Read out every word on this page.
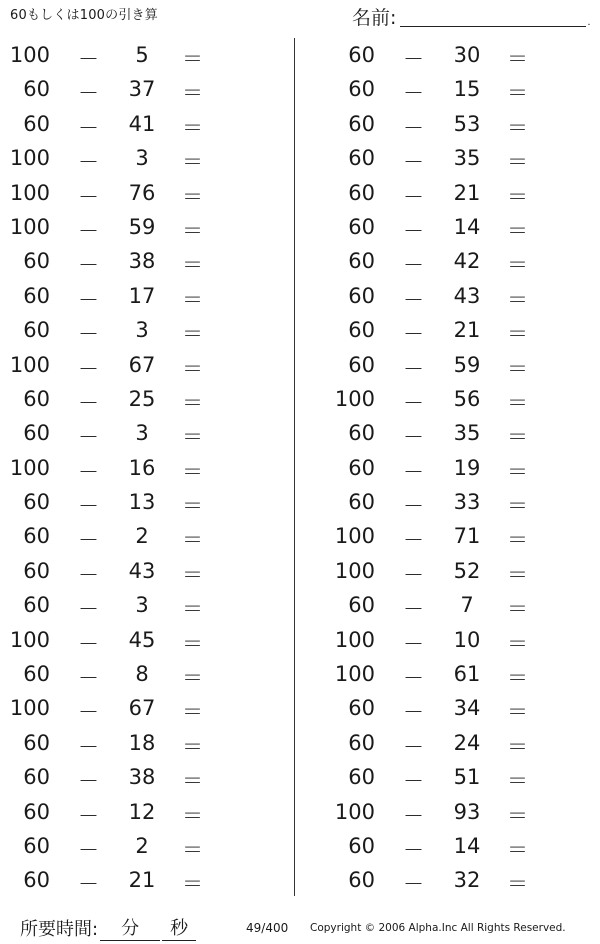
60もしくは100の引き算	名前:	.
100 －	5	＝
60 －	37	＝
60 －	41	＝
100 －	3	＝
100 －	76	＝
100 －	59	＝
60 －	38	＝
60 －	17	＝
60 －	3	＝
100 －	67	＝
60 －	25	＝
60 －	3	＝
100 －	16	＝
60 －	13	＝
60 －	2	＝
60 －	43	＝
60 －	3	＝
100 －	45	＝
60 －	8	＝
100 －	67	＝
60 －	18	＝
60 －	38	＝
60 －	12	＝
60 －	2	＝
60 －	21	＝
60 －	30	＝
60 －	15	＝
60 －	53	＝
60 －	35	＝
60 －	21	＝
60 －	14	＝
60 －	42	＝
60 －	43	＝
60 －	21	＝
60 －	59	＝
100 －	56	＝
60 －	35	＝
60 －	19	＝
60 －	33	＝
100 －	71	＝
100 －	52	＝
60 －	7	＝
100 －	10	＝
100 －	61	＝
60 －	34	＝
60 －	24	＝
60 －	51	＝
100 －	93	＝
60 －	14	＝
60 －	32	＝
所要時間:	分	秒	49/400 Copyright © 2006 Alpha.Inc All Rights Reserved.
